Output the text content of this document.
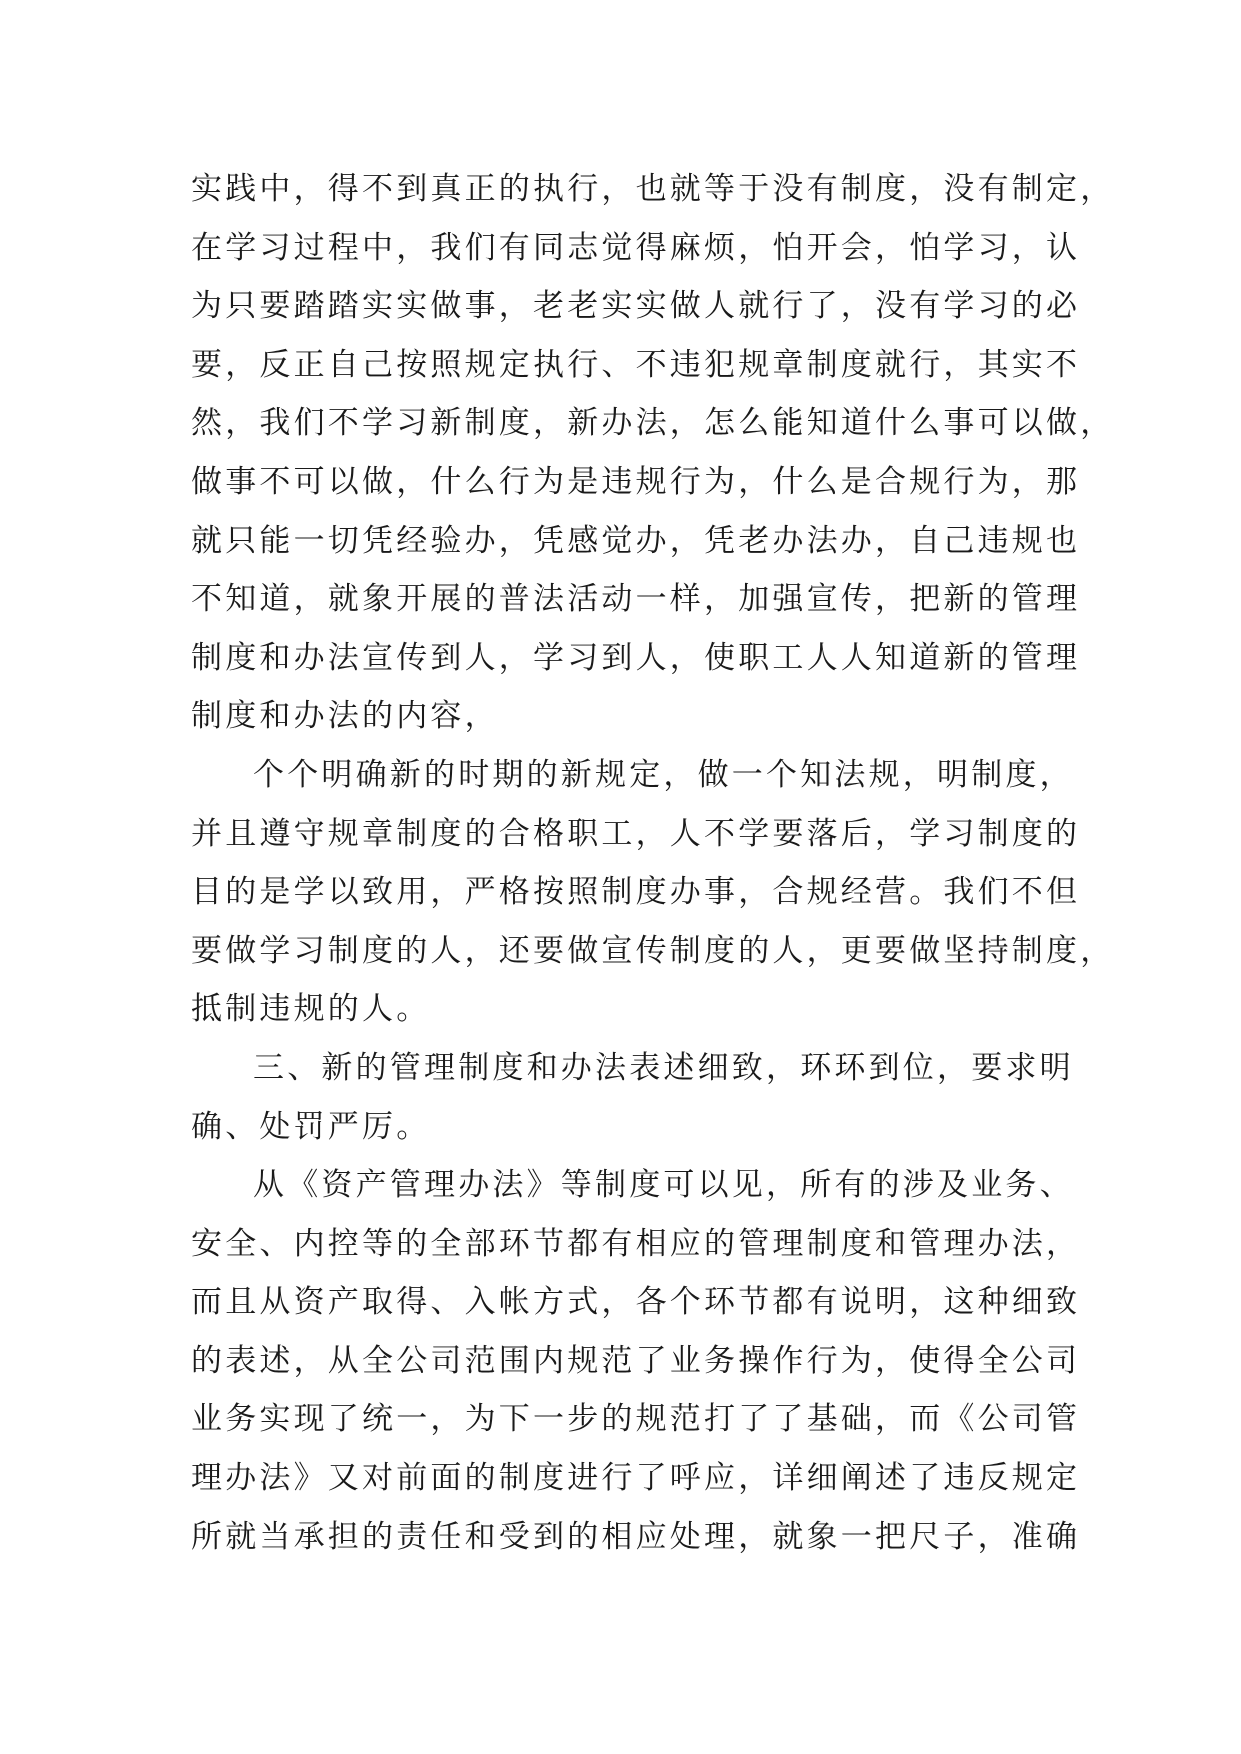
实践中，得不到真正的执行，也就等于没有制度，没有制定，
在学习过程中，我们有同志觉得麻烦，怕开会，怕学习，认
为只要踏踏实实做事，老老实实做人就行了，没有学习的必
要，反正自己按照规定执行、不违犯规章制度就行，其实不
然，我们不学习新制度，新办法，怎么能知道什么事可以做，
做事不可以做，什么行为是违规行为，什么是合规行为，那
就只能一切凭经验办，凭感觉办，凭老办法办，自己违规也
不知道，就象开展的普法活动一样，加强宣传，把新的管理
制度和办法宣传到人，学习到人，使职工人人知道新的管理
制度和办法的内容，
个个明确新的时期的新规定，做一个知法规，明制度，
并且遵守规章制度的合格职工，人不学要落后，学习制度的
目的是学以致用，严格按照制度办事，合规经营。我们不但
要做学习制度的人，还要做宣传制度的人，更要做坚持制度，
抵制违规的人。
三、新的管理制度和办法表述细致，环环到位，要求明
确、处罚严厉。
从《资产管理办法》等制度可以见，所有的涉及业务、
安全、内控等的全部环节都有相应的管理制度和管理办法，
而且从资产取得、入帐方式，各个环节都有说明，这种细致
的表述，从全公司范围内规范了业务操作行为，使得全公司
业务实现了统一，为下一步的规范打了了基础，而《公司管
理办法》又对前面的制度进行了呼应，详细阐述了违反规定
所就当承担的责任和受到的相应处理，就象一把尺子，准确
